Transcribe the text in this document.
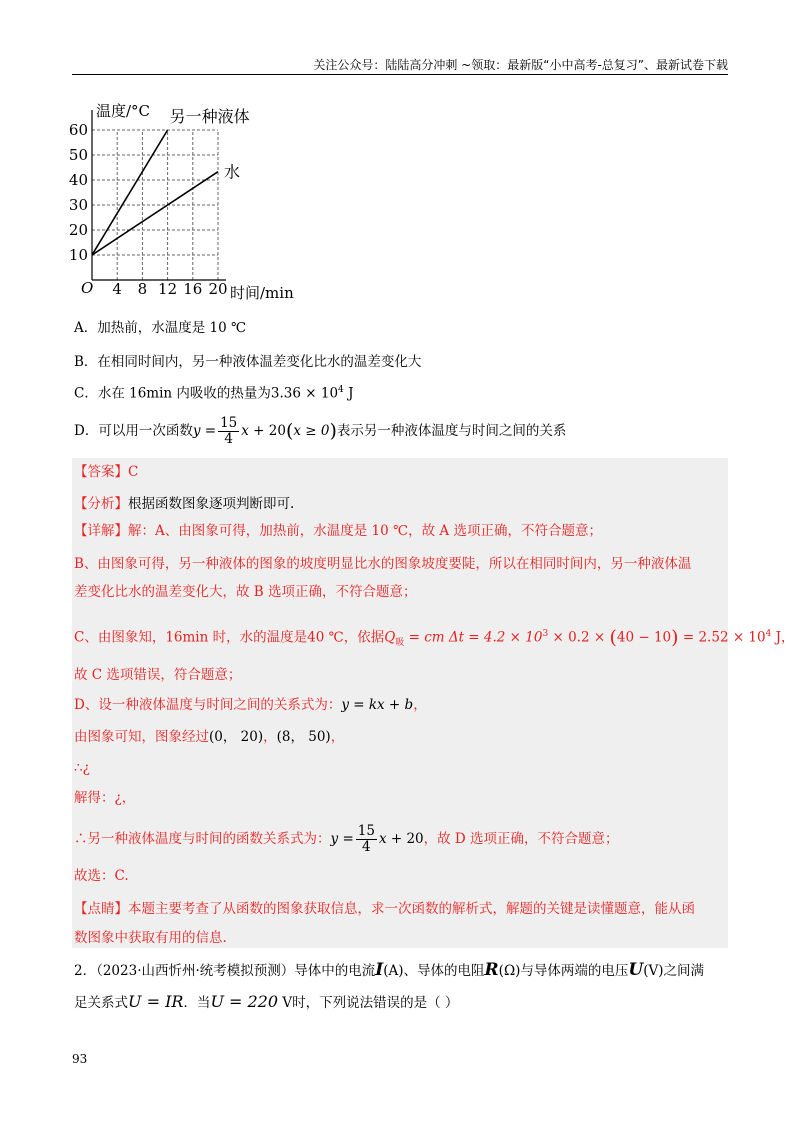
关注公众号：陆陆高分冲刺 ~领取：最新版“小中高考-总复习”、最新试卷下载
另一种液体
水
4 8 12 16 20
10
20
30
40
50
60
温度/°C
时间/min
O
A．加热前，水温度是 10 ℃
B．在相同时间内，另一种液体温差变化比水的温差变化大
C．水在 16min 内吸收的热量为$3.36 \times 10^4$ J
D．可以用一次函数$y = \frac{15}{4}$ x + 20(x ≥ 0)表示另一种液体温度与时间之间的关系
【答案】C
【分析】根据函数图象逐项判断即可.
【详解】解：A、由图象可得，加热前，水温度是 10 ℃，故 A 选项正确，不符合题意；
B、由图象可得，另一种液体的图象的坡度明显比水的图象坡度要陡，所以在相同时间内，另一种液体温
差变化比水的温差变化大，故 B 选项正确，不符合题意；
C、由图象知，16min 时，水的温度是40 ℃，依据$Q_吸$ = cm $\Delta t = 4.2 \times 10^3 \times 0.2 \times (40 - 10) = 2.52 \times 10^4$ J，
故 C 选项错误，符合题意；
D、设一种液体温度与时间之间的关系式为：y = kx + b，
由图象可知，图象经过(0， 20)，(8， 50)，
∴¿
解得：¿，
∴另一种液体温度与时间的函数关系式为：$y = \frac{15}{4}$ x + 20，故 D 选项正确，不符合题意；
故选：C.
【点睛】本题主要考查了从函数的图象获取信息，求一次函数的解析式，解题的关键是读懂题意，能从函
数图象中获取有用的信息.
2．（2023·山西忻州·统考模拟预测）导体中的电流I(A)、导体的电阻R(Ω)与导体两端的电压U(V)之间满
足关系式U = IR．当U = 220 V时，下列说法错误的是（ ）
93
